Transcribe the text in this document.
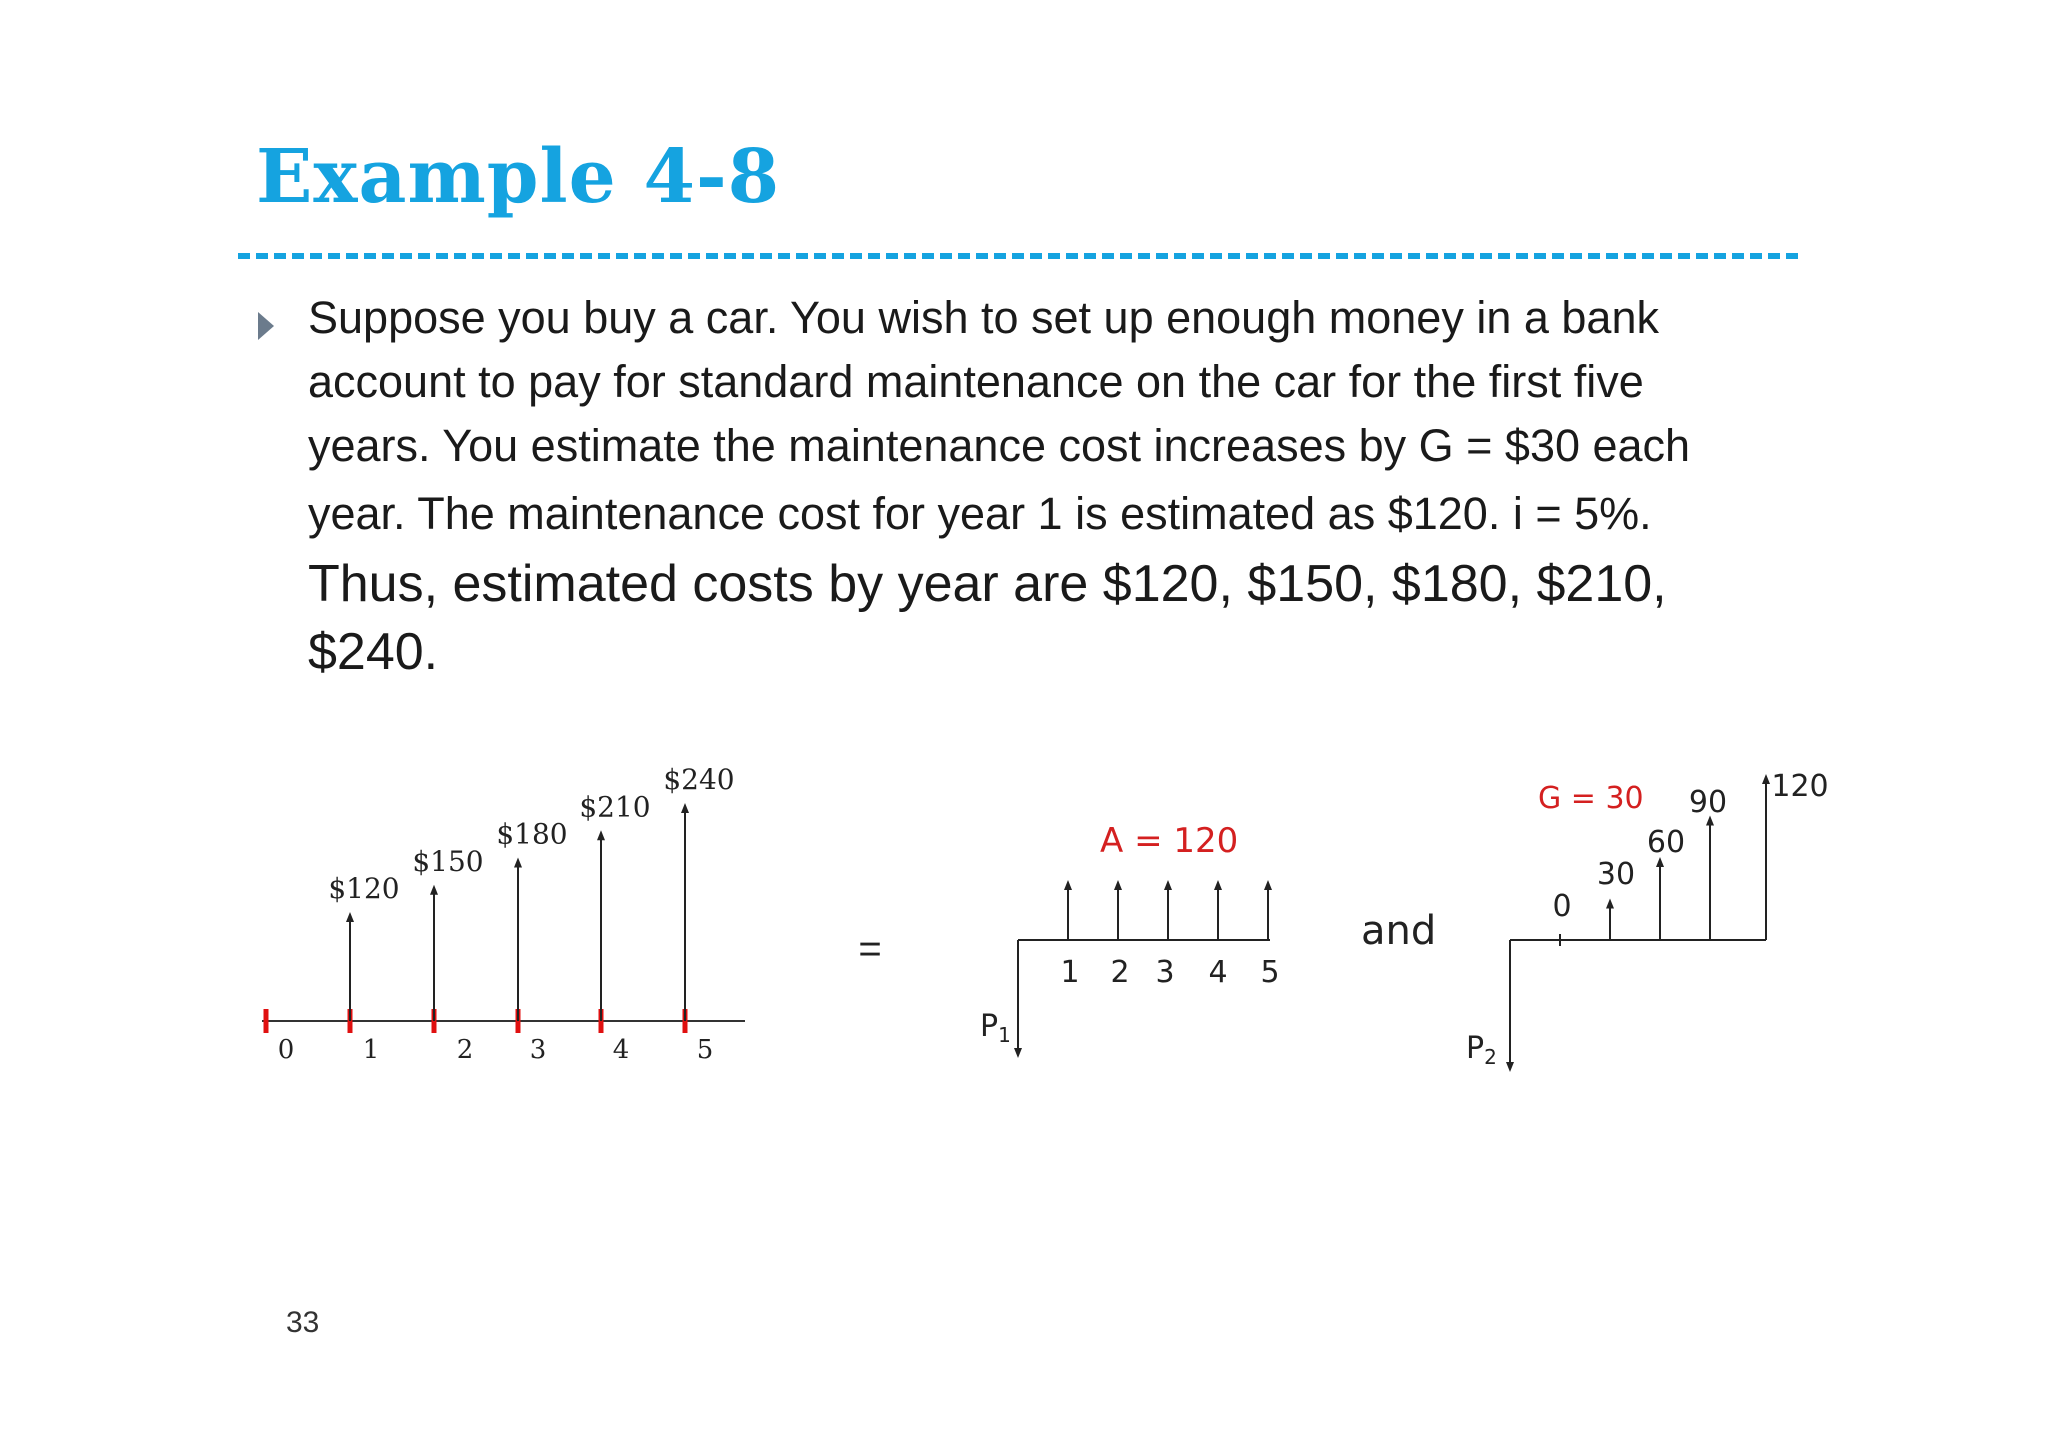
Example 4-8
Suppose you buy a car. You wish to set up enough money in a bank
account to pay for standard maintenance on the car for the first five
years. You estimate the maintenance cost increases by G = $30 each
year. The maintenance cost for year 1 is estimated as $120. i = 5%.
Thus, estimated costs by year are $120, $150, $180, $210,
$240.
0	1	2 3	4	5
$120
$150
$180
$210
$240
=
A = 120
$P_1$
1 2 3 4 5
and
G = 30
$P_2$
0
30
60
90 120
33
